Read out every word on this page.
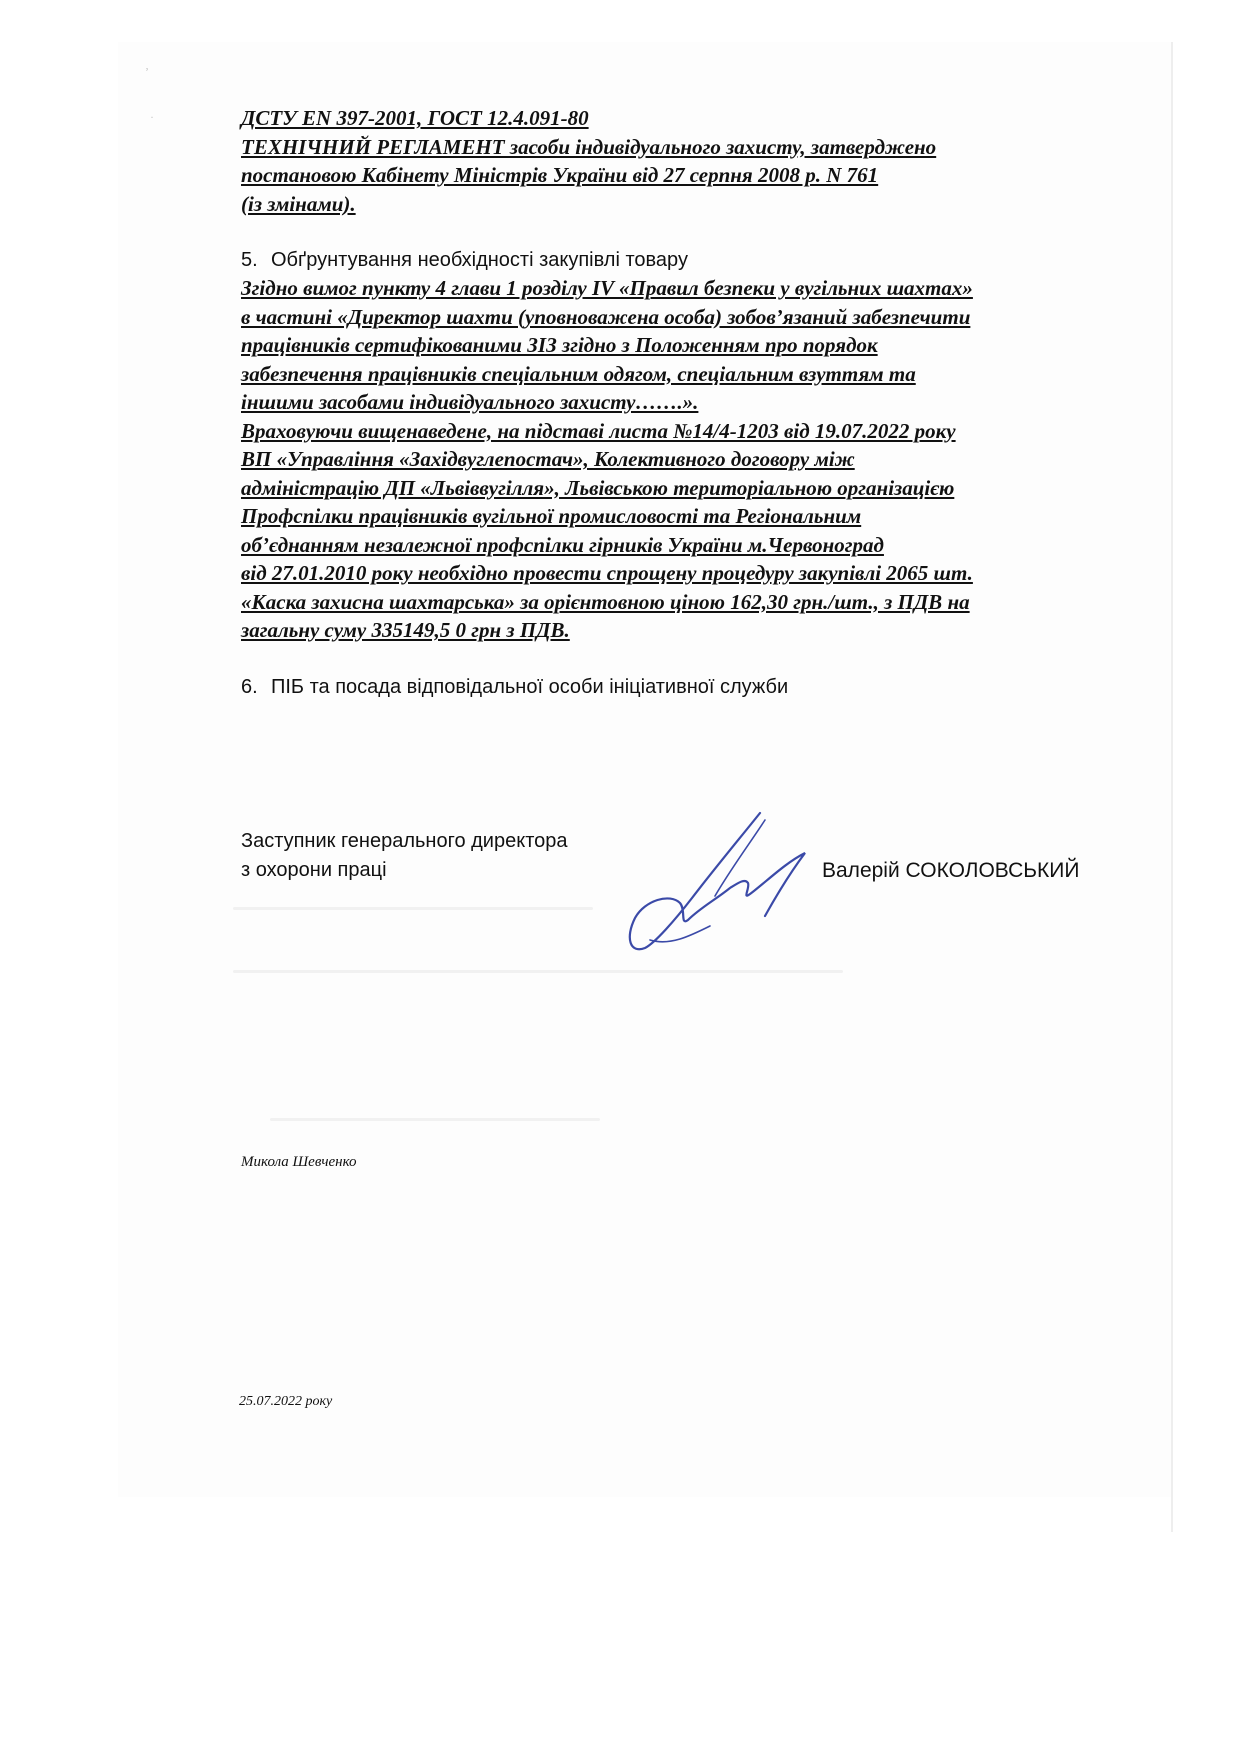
ʼ
·	ДСТУ EN 397-2001, ГОСТ 12.4.091-80
ТЕХНІЧНИЙ РЕГЛАМЕНТ засоби індивідуального захисту, затверджено
постановою Кабінету Міністрів України від 27 серпня 2008 р. N 761
(із змінами).
5. Обґрунтування необхідності закупівлі товару
Згідно вимог пункту 4 глави 1 розділу IV «Правил безпеки у вугільних шахтах»
в частині «Директор шахти (уповноважена особа) зобов’язаний забезпечити
працівників сертифікованими ЗІЗ згідно з Положенням про порядок
забезпечення працівників спеціальним одягом, спеціальним взуттям та
іншими засобами індивідуального захисту…….».
Враховуючи вищенаведене, на підставі листа №14/4-1203 від 19.07.2022 року
ВП «Управління «Західвуглепостач», Колективного договору між
адміністрацію ДП «Львіввугілля», Львівською територіальною організацією
Профспілки працівників вугільної промисловості та Регіональним
об’єднанням незалежної профспілки гірників України м.Червоноград
від 27.01.2010 року необхідно провести спрощену процедуру закупівлі 2065 шт.
«Каска захисна шахтарська» за орієнтовною ціною 162,30 грн./шт., з ПДВ на
загальну суму 335149,5 0 грн з ПДВ.
6. ПІБ та посада відповідальної особи ініціативної служби
Заступник генерального директора
з охорони праці	Валерій СОКОЛОВСЬКИЙ
Микола Шевченко
25.07.2022 року
